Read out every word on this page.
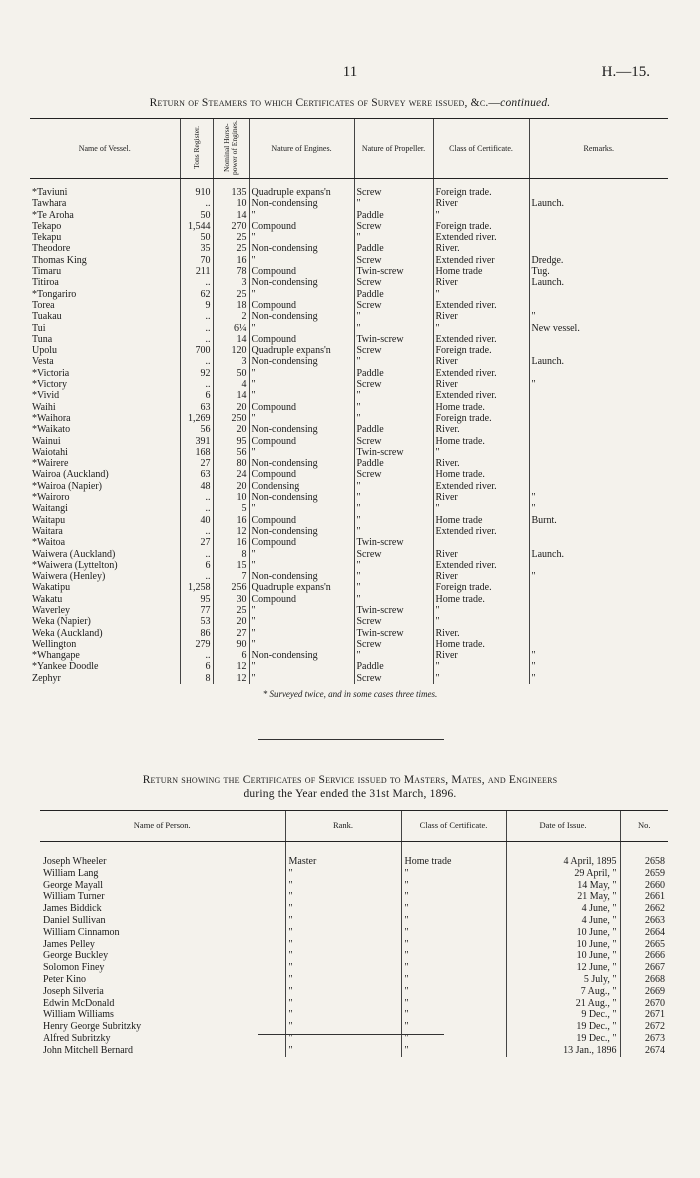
11	H.—15.
Return of Steamers to which Certificates of Survey were issued, &c.—continued.
Name of Vessel.	Tons Register.	Nominal Horse-power of Engines.	Nature of Engines.	Nature of Propeller.	Class of Certificate.	Remarks.
*Taviuni	910	135	Quadruple expans'n	Screw	Foreign trade.	
Tawhara	..	10	Non-condensing	"	River	Launch.
*Te Aroha	50	14	"	Paddle	"	
Tekapo	1,544	270	Compound	Screw	Foreign trade.	
Tekapu	50	25	"	"	Extended river.	
Theodore	35	25	Non-condensing	Paddle	River.	
Thomas King	70	16	"	Screw	Extended river	Dredge.
Timaru	211	78	Compound	Twin-screw	Home trade	Tug.
Titiroa	..	3	Non-condensing	Screw	River	Launch.
*Tongariro	62	25	"	Paddle	"	
Torea	9	18	Compound	Screw	Extended river.	
Tuakau	..	2	Non-condensing	"	River	"
Tui	..	6¼	"	"	"	New vessel.
Tuna	..	14	Compound	Twin-screw	Extended river.	
Upolu	700	120	Quadruple expans'n	Screw	Foreign trade.	
Vesta	..	3	Non-condensing	"	River	Launch.
*Victoria	92	50	"	Paddle	Extended river.	
*Victory	..	4	"	Screw	River	"
*Vivid	6	14	"	"	Extended river.	
Waihi	63	20	Compound	"	Home trade.	
*Waihora	1,269	250	"	"	Foreign trade.	
*Waikato	56	20	Non-condensing	Paddle	River.	
Wainui	391	95	Compound	Screw	Home trade.	
Waiotahi	168	56	"	Twin-screw	"	
*Wairere	27	80	Non-condensing	Paddle	River.	
Wairoa (Auckland)	63	24	Compound	Screw	Home trade.	
*Wairoa (Napier)	48	20	Condensing	"	Extended river.	
*Wairoro	..	10	Non-condensing	"	River	"
Waitangi	..	5	"	"	"	"
Waitapu	40	16	Compound	"	Home trade	Burnt.
Waitara	..	12	Non-condensing	"	Extended river.	
*Waitoa	27	16	Compound	Twin-screw		
Waiwera (Auckland)	..	8	"	Screw	River	Launch.
*Waiwera (Lyttelton)	6	15	"	"	Extended river.	
Waiwera (Henley)	..	7	Non-condensing	"	River	"
Wakatipu	1,258	256	Quadruple expans'n	"	Foreign trade.	
Wakatu	95	30	Compound	"	Home trade.	
Waverley	77	25	"	Twin-screw	"	
Weka (Napier)	53	20	"	Screw	"	
Weka (Auckland)	86	27	"	Twin-screw	River.	
Wellington	279	90	"	Screw	Home trade.	
*Whangape	..	6	Non-condensing	"	River	"
*Yankee Doodle	6	12	"	Paddle	"	"
Zephyr	8	12	"	Screw	"	"
* Surveyed twice, and in some cases three times.
Return showing the Certificates of Service issued to Masters, Mates, and Engineers
during the Year ended the 31st March, 1896.
Name of Person.	Rank.	Class of Certificate.	Date of Issue.	No.
Joseph Wheeler	Master	Home trade	4 April, 1895	2658
William Lang	"	"	29 April, "	2659
George Mayall	"	"	14 May, "	2660
William Turner	"	"	21 May, "	2661
James Biddick	"	"	4 June, "	2662
Daniel Sullivan	"	"	4 June, "	2663
William Cinnamon	"	"	10 June, "	2664
James Pelley	"	"	10 June, "	2665
George Buckley	"	"	10 June, "	2666
Solomon Finey	"	"	12 June, "	2667
Peter Kino	"	"	5 July, "	2668
Joseph Silveria	"	"	7 Aug., "	2669
Edwin McDonald	"	"	21 Aug., "	2670
William Williams	"	"	9 Dec., "	2671
Henry George Subritzky	"	"	19 Dec., "	2672
Alfred Subritzky	"	"	19 Dec., "	2673
John Mitchell Bernard	"	"	13 Jan., 1896	2674
